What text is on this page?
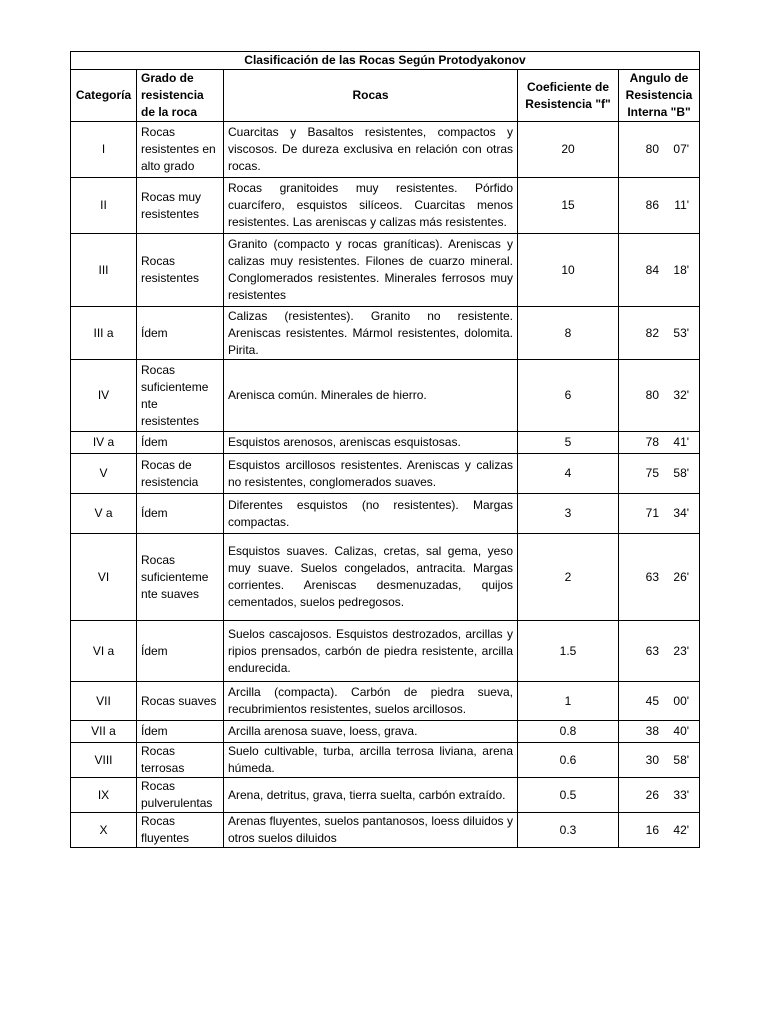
Clasificación de las Rocas Según Protodyakonov				
Categoría	Grado de resistencia de la roca	Rocas	Coeficiente de Resistencia "f"	Angulo de Resistencia Interna "B"
I	Rocas resistentes en alto grado	Cuarcitas y Basaltos resistentes, compactos y viscosos. De dureza exclusiva en relación con otras rocas.	20	80 07'

II	Rocas muy resistentes	Rocas granitoides muy resistentes. Pórfido cuarcífero, esquistos silíceos. Cuarcitas menos resistentes. Las areniscas y calizas más resistentes.	15	86 11'

III	Rocas resistentes	Granito (compacto y rocas graníticas). Areniscas y calizas muy resistentes. Filones de cuarzo mineral. Conglomerados resistentes. Minerales ferrosos muy resistentes	10	84 18'

III a	Ídem	Calizas (resistentes). Granito no resistente. Areniscas resistentes. Mármol resistentes, dolomita. Pirita.	8	82 53'

IV	Rocas suficienteme nte resistentes	Arenisca común. Minerales de hierro.	6	80 32'

IV a	Ídem	Esquistos arenosos, areniscas esquistosas.	5	78 41'

V	Rocas de resistencia	Esquistos arcillosos resistentes. Areniscas y calizas no resistentes, conglomerados suaves.	4	75 58'

V a	Ídem	Diferentes esquistos (no resistentes). Margas compactas.	3	71 34'

VI	Rocas suficienteme nte suaves	Esquistos suaves. Calizas, cretas, sal gema, yeso muy suave. Suelos congelados, antracita. Margas corrientes. Areniscas desmenuzadas, quijos cementados, suelos pedregosos.	2	63 26'

VI a	Ídem	Suelos cascajosos. Esquistos destrozados, arcillas y ripios prensados, carbón de piedra resistente, arcilla endurecida.	1.5	63 23'

VII	Rocas suaves	Arcilla (compacta). Carbón de piedra sueva, recubrimientos resistentes, suelos arcillosos.	1	45 00'

VII a	Ídem	Arcilla arenosa suave, loess, grava.	0.8	38 40'

VIII	Rocas terrosas	Suelo cultivable, turba, arcilla terrosa liviana, arena húmeda.	0.6	30 58'

IX	Rocas pulverulentas	Arena, detritus, grava, tierra suelta, carbón extraído.	0.5	26 33'

X	Rocas fluyentes	Arenas fluyentes, suelos pantanosos, loess diluidos y otros suelos diluidos	0.3	16 42'
